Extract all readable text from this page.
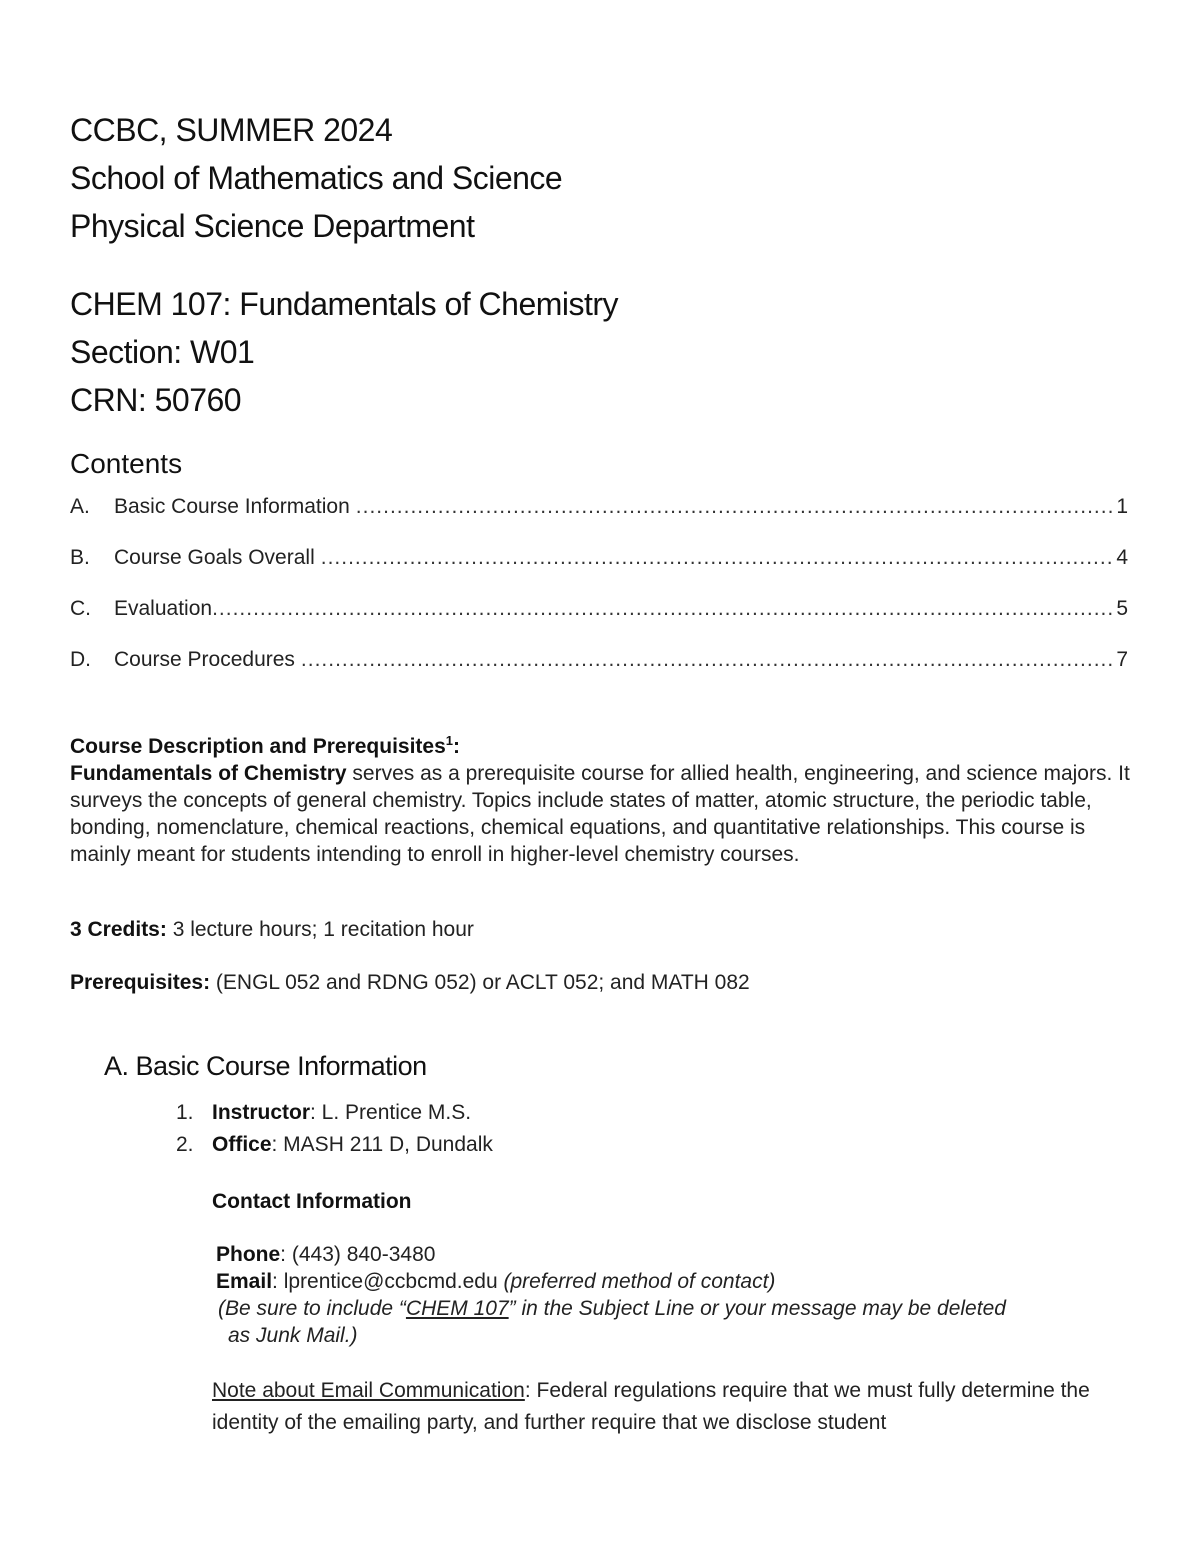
CCBC, SUMMER 2024
School of Mathematics and Science
Physical Science Department
CHEM 107: Fundamentals of Chemistry
Section: W01
CRN: 50760
Contents
A.	Basic Course Information .....	1
B.	Course Goals Overall .....	4
C.	Evaluation .....	5
D.	Course Procedures .....	7
Course Description and Prerequisites$^1$:
Fundamentals of Chemistry serves as a prerequisite course for allied health, engineering, and science majors. It surveys the concepts of general chemistry. Topics include states of matter, atomic structure, the periodic table, bonding, nomenclature, chemical reactions, chemical equations, and quantitative relationships. This course is mainly meant for students intending to enroll in higher-level chemistry courses.
3 Credits: 3 lecture hours; 1 recitation hour
Prerequisites: (ENGL 052 and RDNG 052) or ACLT 052; and MATH 082
A. Basic Course Information
1. Instructor: L. Prentice M.S.
2. Office: MASH 211 D, Dundalk
Contact Information
Phone: (443) 840-3480
Email: lprentice@ccbcmd.edu (preferred method of contact)
(Be sure to include “CHEM 107” in the Subject Line or your message may be deleted
as Junk Mail.)
Note about Email Communication: Federal regulations require that we must fully determine the identity of the emailing party, and further require that we disclose student
